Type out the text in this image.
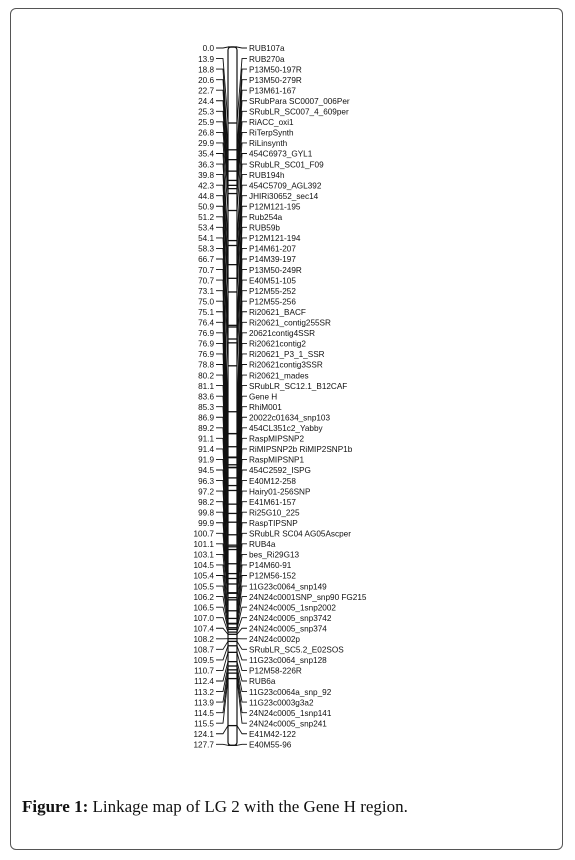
0.0
13.9
18.8
20.6
22.7
24.4
25.3
25.9
26.8
29.9
35.4
36.3
39.8
42.3
44.8
50.9
51.2
53.4
54.1
58.3
66.7
70.7
70.7
73.1
75.0
75.1
76.4
76.9
76.9
76.9
78.8
80.2
81.1
83.6
85.3
86.9
89.2
91.1
91.4
91.9
94.5
96.3
97.2
98.2
99.8
99.9
100.7
101.1
103.1
104.5
105.4
105.5
106.2
106.5
107.0
107.4
108.2
108.7
109.5
110.7
112.4
113.2
113.9
114.5
115.5
124.1
127.7
RUB107a
RUB270a
P13M50-197R
P13M50-279R
P13M61-167
SRubPara SC0007_006Per
SRubLR_SC007_4_609per
RiACC_oxi1
RiTerpSynth
RiLinsynth
454C6973_GYL1
SRubLR_SC01_F09
RUB194h
454C5709_AGL392
JHIRi30652_sec14
P12M121-195
Rub254a
RUB59b
P12M121-194
P14M61-207
P14M39-197
P13M50-249R
E40M51-105
P12M55-252
P12M55-256
Ri20621_BACF
Ri20621_contig255SR
20621contig4SSR
Ri20621contig2
Ri20621_P3_1_SSR
Ri20621contig3SSR
Ri20621_mades
SRubLR_SC12.1_B12CAF
Gene H
RhiM001
20022c01634_snp103
454CL351c2_Yabby
RaspMIPSNP2
RiMIPSNP2b RiMIP2SNP1b
RaspMIPSNP1
454C2592_ISPG
E40M12-258
Hairy01-256SNP
E41M61-157
Ri25G10_225
RaspTIPSNP
SRubLR SC04 AG05Ascper
RUB4a
bes_Ri29G13
P14M60-91
P12M56-152
11G23c0064_snp149
24N24c0001SNP_snp90 FG215
24N24c0005_1snp2002
24N24c0005_snp3742
24N24c0005_snp374
24N24c0002p
SRubLR_SC5.2_E02SOS
11G23c0064_snp128
P12M58-226R
RUB6a
11G23c0064a_snp_92
11G23c0003g3a2
24N24c0005_1snp141
24N24c0005_snp241
E41M42-122
E40M55-96
Figure 1: Linkage map of LG 2 with the Gene H region.
